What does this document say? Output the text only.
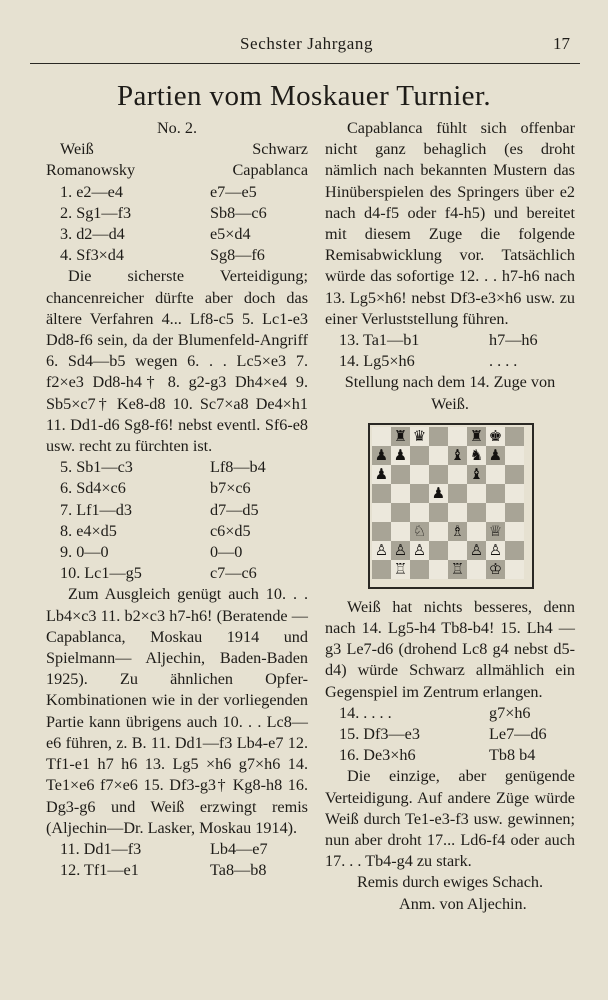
Sechster Jahrgang	17
Partien vom Moskauer Turnier.
No. 2.
Weiß	Schwarz
Romanowsky	Capablanca
1. e2—e4	e7—e5
2. Sg1—f3	Sb8—c6
3. d2—d4	e5×d4
4. Sf3×d4	Sg8—f6
Die sicherste Verteidigung; chancenreicher dürfte aber doch das ältere Verfahren 4... Lf8-c5 5. Lc1-e3 Dd8-f6 sein, da der Blumenfeld-Angriff 6. Sd4—b5 wegen 6. . . Lc5×e3 7. f2×e3 Dd8-h4† 8. g2-g3 Dh4×e4 9. Sb5×c7† Ke8-d8 10. Sc7×a8 De4×h1 11. Dd1-d6 Sg8-f6! nebst eventl. Sf6-e8 usw. recht zu fürchten ist.
5. Sb1—c3	Lf8—b4
6. Sd4×c6	b7×c6
7. Lf1—d3	d7—d5
8. e4×d5	c6×d5
9. 0—0	0—0
10. Lc1—g5	c7—c6
Zum Ausgleich genügt auch 10. . . Lb4×c3 11. b2×c3 h7-h6! (Beratende — Capablanca, Moskau 1914 und Spielmann— Aljechin, Baden-Baden 1925). Zu ähnlichen Opfer-Kombinationen wie in der vorliegenden Partie kann übrigens auch 10. . . Lc8—e6 führen, z. B. 11. Dd1—f3 Lb4-e7 12. Tf1-e1 h7 h6 13. Lg5 ×h6 g7×h6 14. Te1×e6 f7×e6 15. Df3-g3† Kg8-h8 16. Dg3-g6 und Weiß erzwingt remis (Aljechin—Dr. Lasker, Moskau 1914).
11. Dd1—f3	Lb4—e7
12. Tf1—e1	Ta8—b8
Capablanca fühlt sich offenbar nicht ganz behaglich (es droht nämlich nach bekannten Mustern das Hinüberspielen des Springers über e2 nach d4-f5 oder f4-h5) und bereitet mit diesem Zuge die folgende Remisabwicklung vor. Tatsächlich würde das sofortige 12. . . h7-h6 nach 13. Lg5×h6! nebst Df3-e3×h6 usw. zu einer Verluststellung führen.
13. Ta1—b1	h7—h6
14. Lg5×h6	. . . .
Stellung nach dem 14. Zuge von Weiß.
♜ ♛	♜ ♚
♟ ♟	♝ ♞ ♟
♟	♝
♟
♘ ♗ ♕
♙ ♙ ♙	♙ ♙
♖	♖ ♔
Weiß hat nichts besseres, denn nach 14. Lg5-h4 Tb8-b4! 15. Lh4 —g3 Le7-d6 (drohend Lc8 g4 nebst d5-d4) würde Schwarz allmählich ein Gegenspiel im Zentrum erlangen.
14. . . . .	g7×h6
15. Df3—e3	Le7—d6
16. De3×h6	Tb8 b4
Die einzige, aber genügende Verteidigung. Auf andere Züge würde Weiß durch Te1-e3-f3 usw. gewinnen; nun aber droht 17... Ld6-f4 oder auch 17. . . Tb4-g4 zu stark.
Remis durch ewiges Schach.
Anm. von Aljechin.
